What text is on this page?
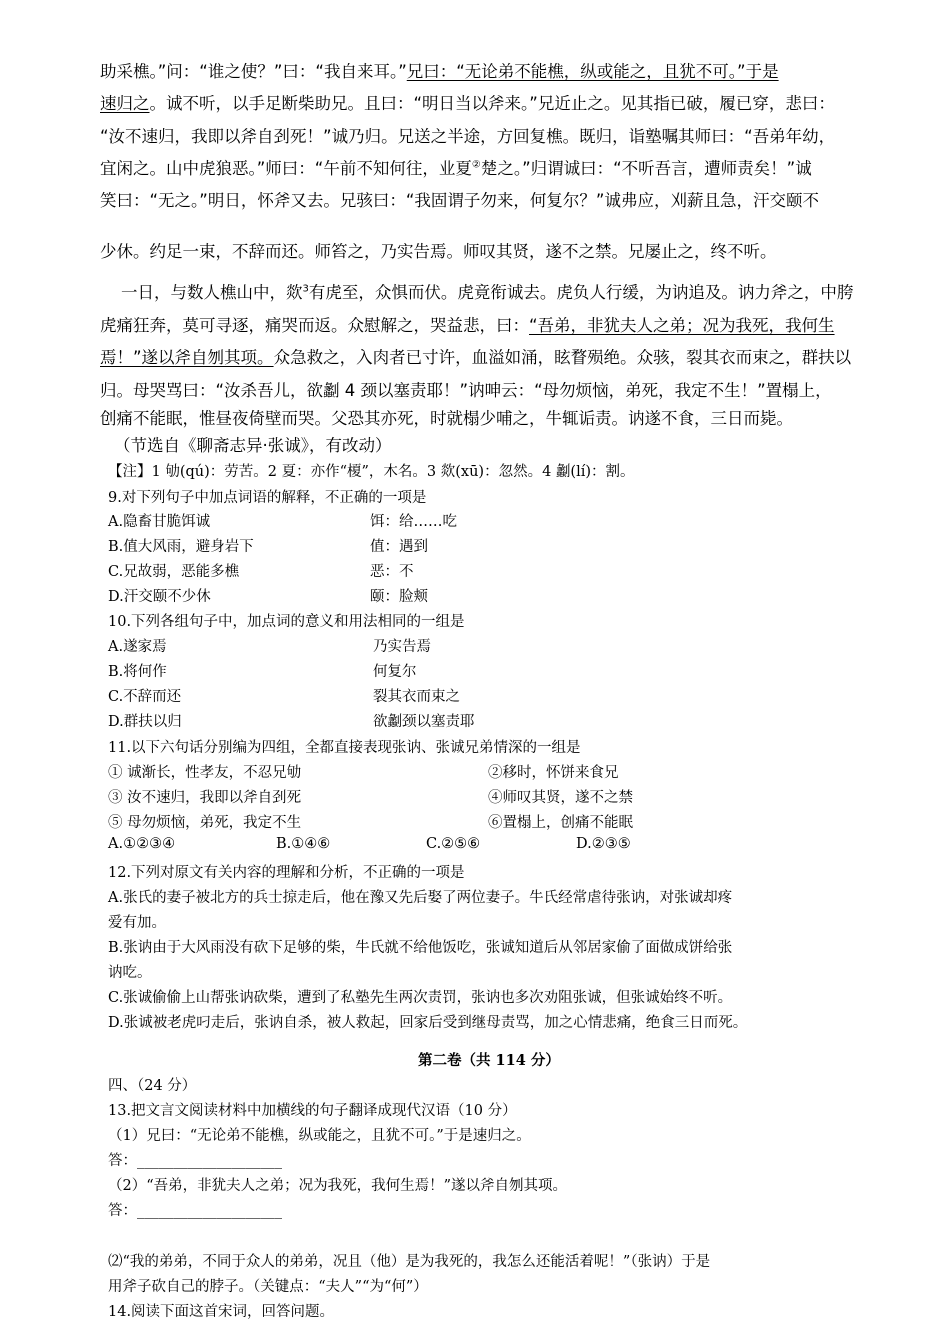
助采樵。”问：“谁之使？”曰：“我自来耳。”兄曰：“无论弟不能樵，纵或能之，且犹不可。”于是
速归之。诚不听，以手足断柴助兄。且曰：“明日当以斧来。”兄近止之。见其指已破，履已穿，悲曰：
“汝不速归，我即以斧自刭死！”诚乃归。兄送之半途，方回复樵。既归，诣塾嘱其师曰：“吾弟年幼，
宜闲之。山中虎狼恶。”师曰：“午前不知何往，业夏②楚之。”归谓诚曰：“不听吾言，遭师责矣！”诚
笑曰：“无之。”明日，怀斧又去。兄骇曰：“我固谓子勿来，何复尔？”诚弗应，刈薪且急，汗交颐不
少休。约足一束，不辞而还。师笞之，乃实告焉。师叹其贤，遂不之禁。兄屡止之，终不听。
一日，与数人樵山中，欻$^3$有虎至，众惧而伏。虎竟衔诚去。虎负人行缓，为讷追及。讷力斧之，中胯
虎痛狂奔，莫可寻逐，痛哭而返。众慰解之，哭益悲，曰：“吾弟，非犹夫人之弟；况为我死，我何生
焉！”遂以斧自刎其项。众急救之，入肉者已寸许，血溢如涌，眩瞀殒绝。众骇，裂其衣而束之，群扶以
归。母哭骂曰：“汝杀吾儿，欲劙 4 颈以塞责耶！”讷呻云：“母勿烦恼，弟死，我定不生！”置榻上，
创痛不能眠，惟昼夜倚壁而哭。父恐其亦死，时就榻少哺之，牛辄诟责。讷遂不食，三日而毙。
（节选自《聊斋志异·张诚》，有改动）
【注】1 劬(qú)：劳苦。2 夏：亦作“榎”，木名。3 欻(xū)：忽然。4 劙(lí)：割。
9.对下列句子中加点词语的解释，不正确的一项是
A.隐畜甘脆饵诚	饵：给……吃
B.值大风雨，避身岩下	值：遇到
C.兄故弱，恶能多樵	恶：不
D.汗交颐不少休	颐：脸颊
10.下列各组句子中，加点词的意义和用法相同的一组是
A.遂家焉	乃实告焉
B.将何作	何复尔
C.不辞而还	裂其衣而束之
D.群扶以归	欲劙颈以塞责耶
11.以下六句话分别编为四组，全都直接表现张讷、张诚兄弟情深的一组是
① 诚渐长，性孝友，不忍兄劬	②移时，怀饼来食兄
③ 汝不速归，我即以斧自刭死	④师叹其贤，遂不之禁
⑤ 母勿烦恼，弟死，我定不生	⑥置榻上，创痛不能眠
A.①②③④	B.①④⑥	C.②⑤⑥	D.②③⑤
12.下列对原文有关内容的理解和分析，不正确的一项是
A.张氏的妻子被北方的兵士掠走后，他在豫又先后娶了两位妻子。牛氏经常虐待张讷，对张诚却疼
爱有加。
B.张讷由于大风雨没有砍下足够的柴，牛氏就不给他饭吃，张诚知道后从邻居家偷了面做成饼给张
讷吃。
C.张诚偷偷上山帮张讷砍柴，遭到了私塾先生两次责罚，张讷也多次劝阻张诚，但张诚始终不听。
D.张诚被老虎叼走后，张讷自杀，被人救起，回家后受到继母责骂，加之心情悲痛，绝食三日而死。
第二卷（共 114 分）
四、（24 分）
13.把文言文阅读材料中加横线的句子翻译成现代汉语（10 分）
（1）兄曰：“无论弟不能樵，纵或能之，且犹不可。”于是速归之。
答：____________________
（2）“吾弟，非犹夫人之弟；况为我死，我何生焉！”遂以斧自刎其项。
答：____________________
⑵“我的弟弟，不同于众人的弟弟，况且（他）是为我死的，我怎么还能活着呢！”（张讷）于是
用斧子砍自己的脖子。（关键点：“夫人”“为“何”）
14.阅读下面这首宋词，回答问题。
